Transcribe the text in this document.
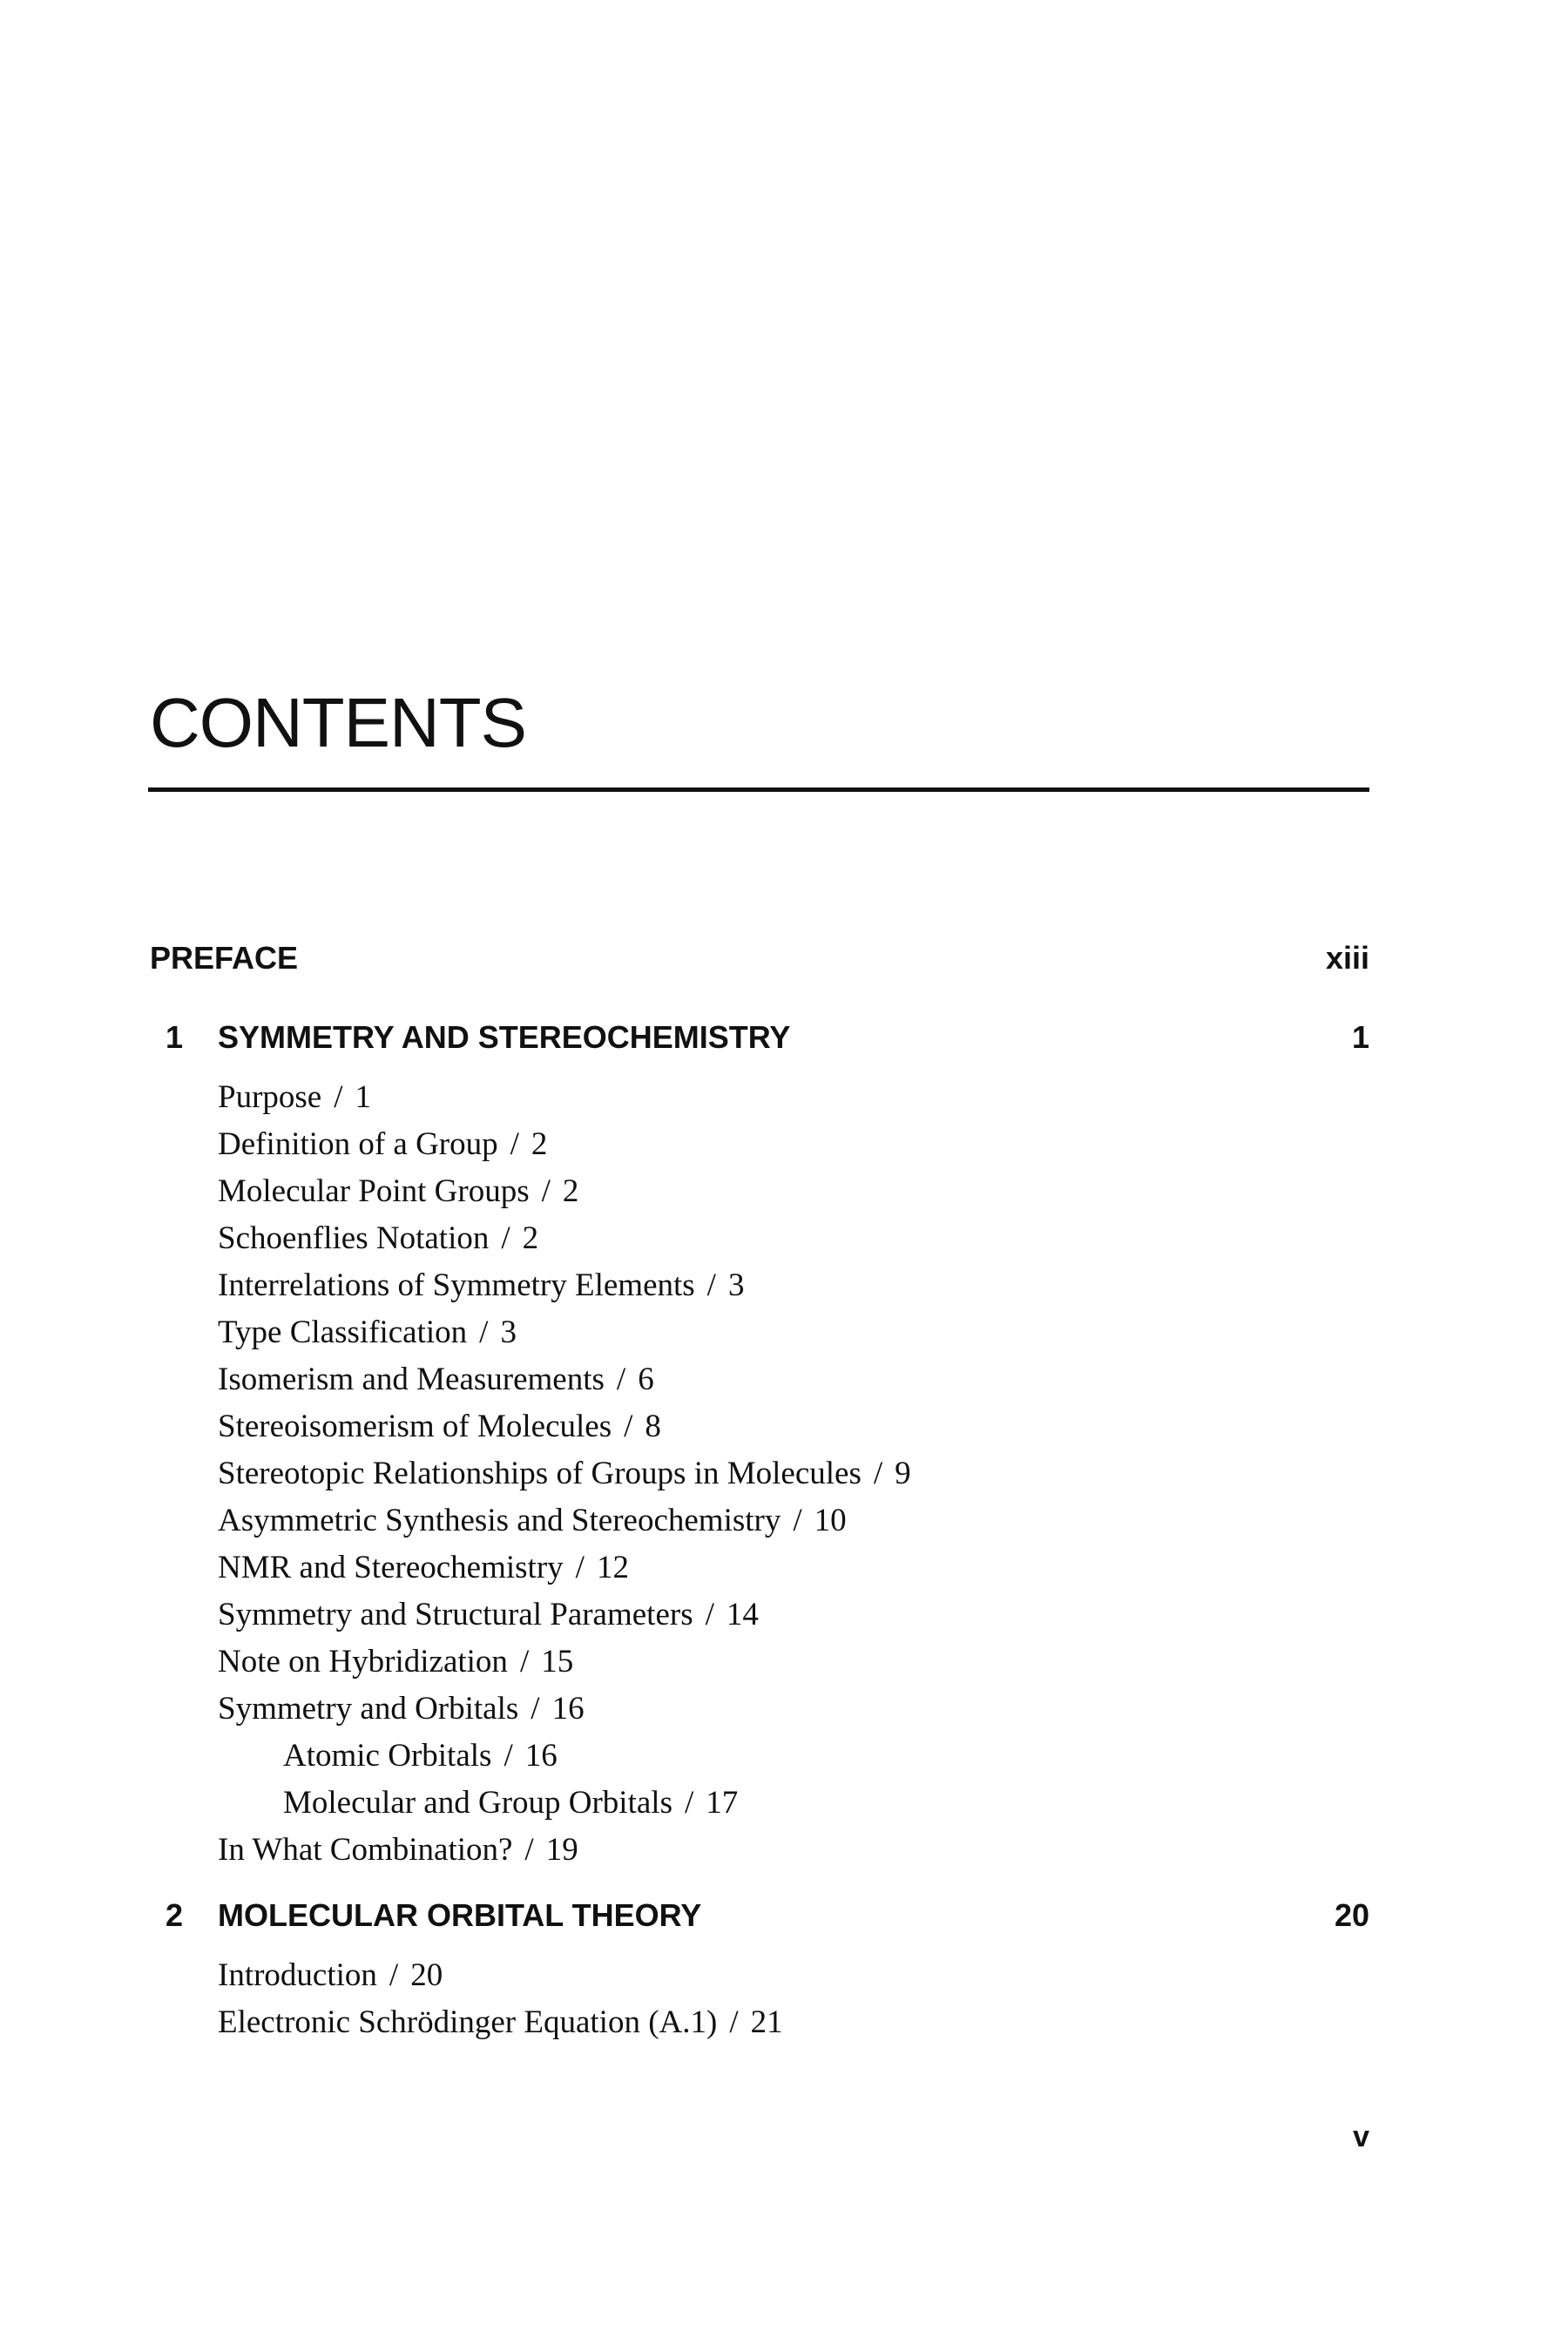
CONTENTS
PREFACE	xiii
1 SYMMETRY AND STEREOCHEMISTRY	1
Purpose / 1
Definition of a Group / 2
Molecular Point Groups / 2
Schoenflies Notation / 2
Interrelations of Symmetry Elements / 3
Type Classification / 3
Isomerism and Measurements / 6
Stereoisomerism of Molecules / 8
Stereotopic Relationships of Groups in Molecules / 9
Asymmetric Synthesis and Stereochemistry / 10
NMR and Stereochemistry / 12
Symmetry and Structural Parameters / 14
Note on Hybridization / 15
Symmetry and Orbitals / 16
Atomic Orbitals / 16
Molecular and Group Orbitals / 17
In What Combination? / 19
2 MOLECULAR ORBITAL THEORY	20
Introduction / 20
Electronic Schrödinger Equation (A.1) / 21
v
